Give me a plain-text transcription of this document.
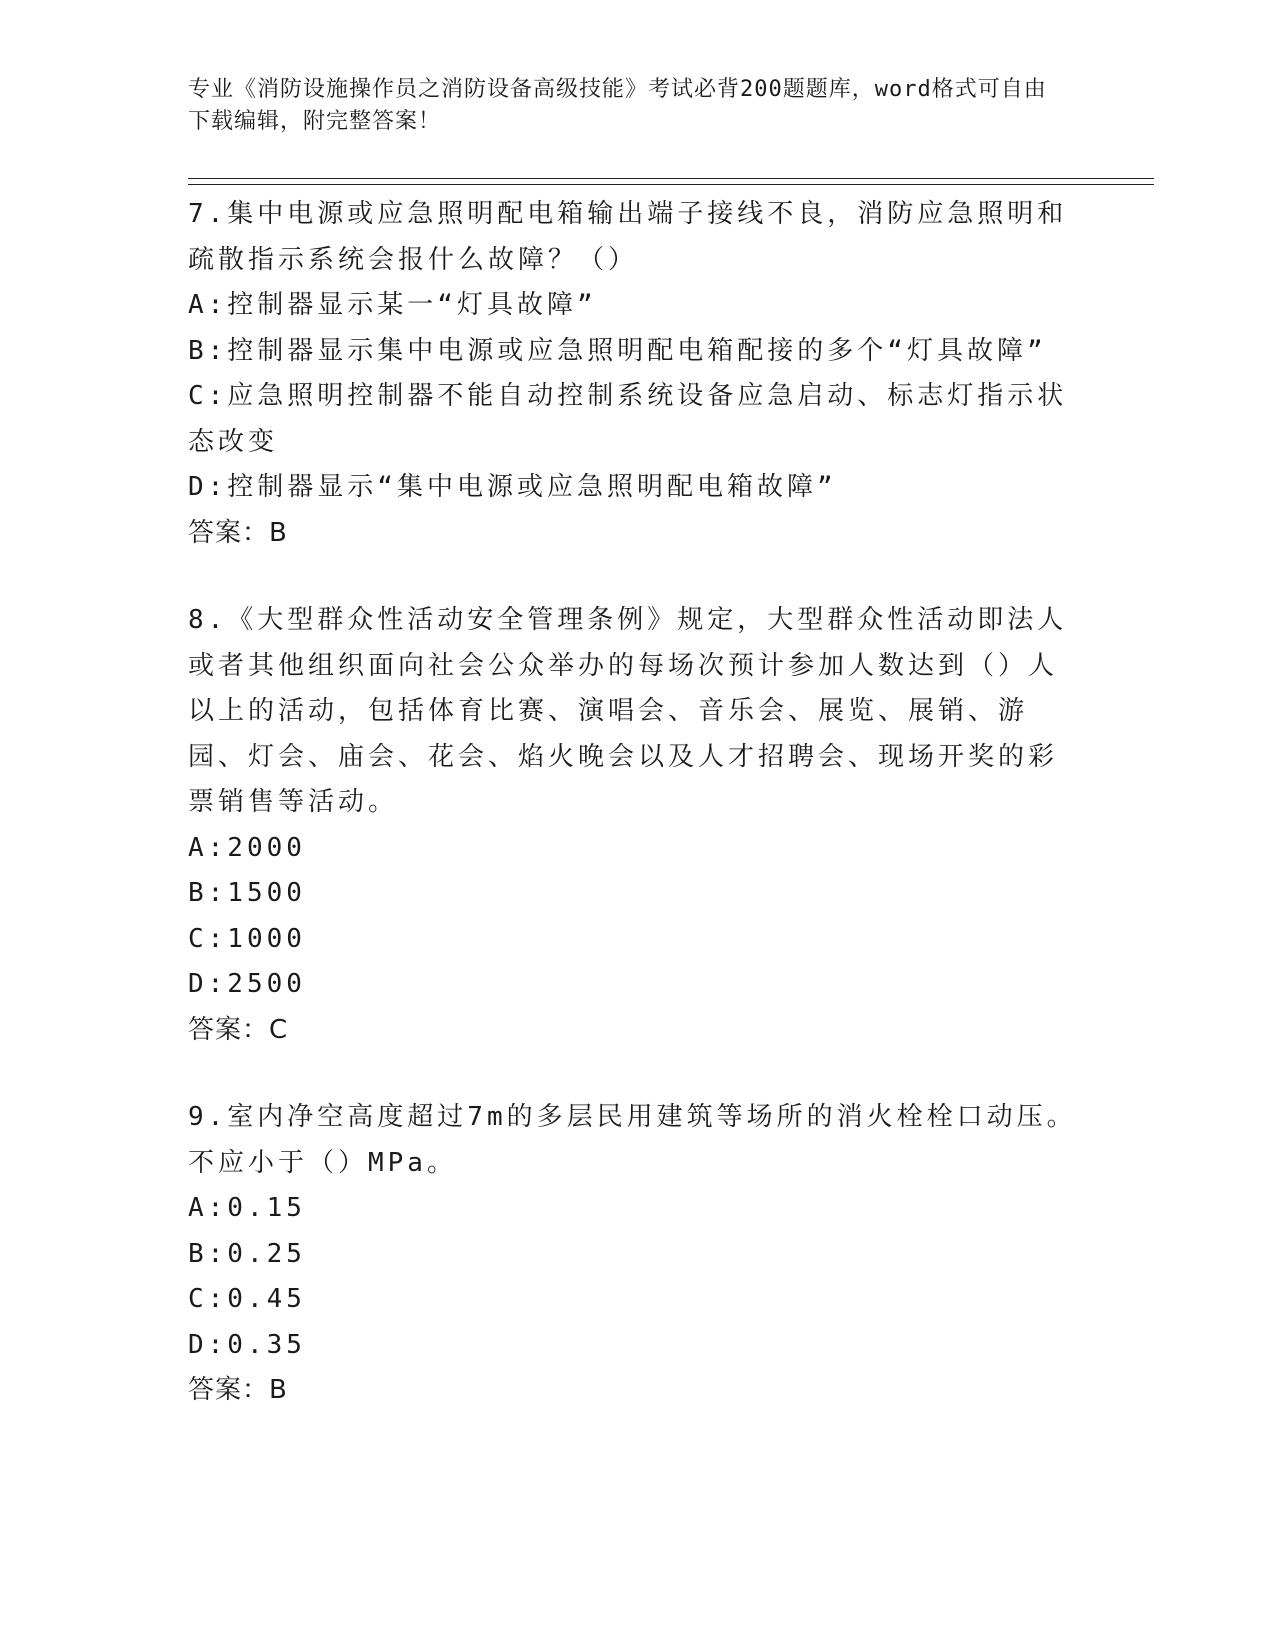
专业《消防设施操作员之消防设备高级技能》考试必背200题题库，word格式可自由下载编辑，附完整答案！

7.集中电源或应急照明配电箱输出端子接线不良，消防应急照明和疏散指示系统会报什么故障？（）

A:控制器显示某一“灯具故障”

B:控制器显示集中电源或应急照明配电箱配接的多个“灯具故障”

C:应急照明控制器不能自动控制系统设备应急启动、标志灯指示状态改变

D:控制器显示“集中电源或应急照明配电箱故障”

答案：B

8.《大型群众性活动安全管理条例》规定，大型群众性活动即法人或者其他组织面向社会公众举办的每场次预计参加人数达到（）人以上的活动，包括体育比赛、演唱会、音乐会、展览、展销、游园、灯会、庙会、花会、焰火晚会以及人才招聘会、现场开奖的彩票销售等活动。

A:2000

B:1500

C:1000

D:2500

答案：C

9.室内净空高度超过7m的多层民用建筑等场所的消火栓栓口动压。不应小于（）MPa。

A:0.15

B:0.25

C:0.45

D:0.35

答案：B
